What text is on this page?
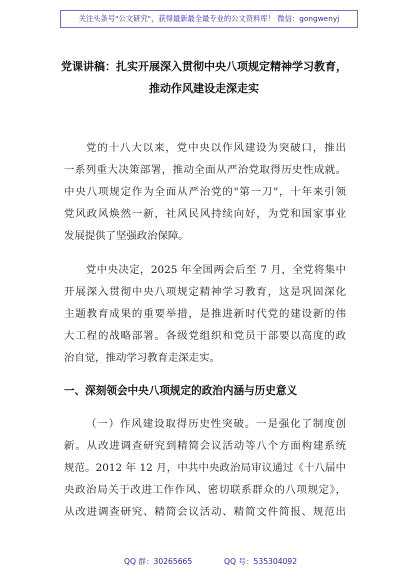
关注头条号"公文研究"，获得最新最全最专业的公文资料库！ 微信：gongwenyj
党课讲稿：扎实开展深入贯彻中央八项规定精神学习教育，
推动作风建设走深走实
党的十八大以来，党中央以作风建设为突破口，推出
一系列重大决策部署，推动全面从严治党取得历史性成就。
中央八项规定作为全面从严治党的"第一刀"，十年来引领
党风政风焕然一新，社风民风持续向好，为党和国家事业
发展提供了坚强政治保障。
党中央决定，2025 年全国两会后至 7 月，全党将集中
开展深入贯彻中央八项规定精神学习教育，这是巩固深化
主题教育成果的重要举措，是推进新时代党的建设新的伟
大工程的战略部署。各级党组织和党员干部要以高度的政
治自觉，推动学习教育走深走实。
一、深刻领会中央八项规定的政治内涵与历史意义
（一）作风建设取得历史性突破。一是强化了制度创
新。从改进调查研究到精简会议活动等八个方面构建系统
规范。2012 年 12 月，中共中央政治局审议通过《十八届中
央政治局关于改进工作作风、密切联系群众的八项规定》，
从改进调查研究、精简会议活动、精简文件简报、规范出
QQ 群：30265665	QQ 号：535304092
